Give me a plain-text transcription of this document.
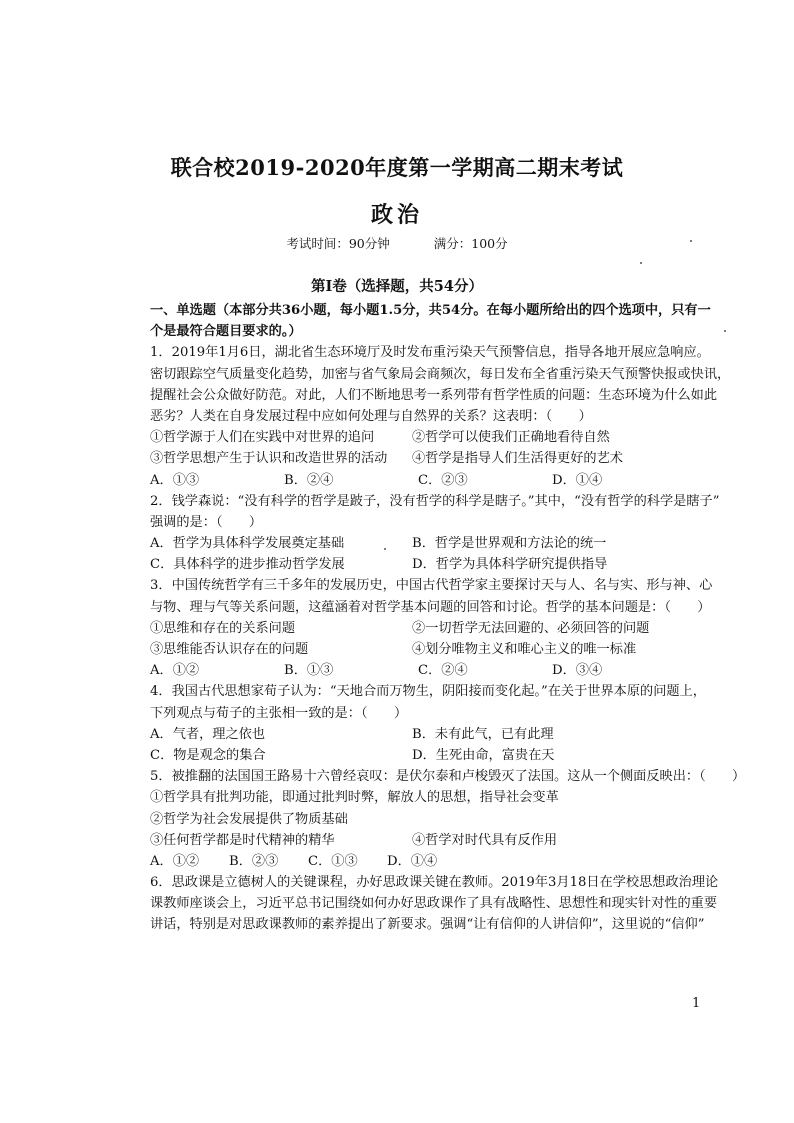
联合校2019-2020年度第一学期高二期末考试
政治
考试时间：90分钟	满分：100分
第Ⅰ卷（选择题，共54分）
一、单选题（本部分共36小题，每小题1.5分，共54分。在每小题所给出的四个选项中，只有一
个是最符合题目要求的。）
1．2019年1月6日，湖北省生态环境厅及时发布重污染天气预警信息，指导各地开展应急响应。
密切跟踪空气质量变化趋势，加密与省气象局会商频次，每日发布全省重污染天气预警快报或快讯，
提醒社会公众做好防范。对此，人们不断地思考一系列带有哲学性质的问题：生态环境为什么如此
恶劣？人类在自身发展过程中应如何处理与自然界的关系？这表明：（　　）
①哲学源于人们在实践中对世界的追问	②哲学可以使我们正确地看待自然
③哲学思想产生于认识和改造世界的活动	④哲学是指导人们生活得更好的艺术
A．①③	B．②④	C．②③	D．①④
2．钱学森说：“没有科学的哲学是跛子，没有哲学的科学是瞎子。”其中，“没有哲学的科学是瞎子”
强调的是：（　　）
A．哲学为具体科学发展奠定基础	B．哲学是世界观和方法论的统一
C．具体科学的进步推动哲学发展	D．哲学为具体科学研究提供指导
3．中国传统哲学有三千多年的发展历史，中国古代哲学家主要探讨天与人、名与实、形与神、心
与物、理与气等关系问题，这蕴涵着对哲学基本问题的回答和讨论。哲学的基本问题是：（　　）
①思维和存在的关系问题	②一切哲学无法回避的、必须回答的问题
③思维能否认识存在的问题	④划分唯物主义和唯心主义的唯一标准
A．①②	B．①③	C．②④	D．③④
4．我国古代思想家荀子认为：“天地合而万物生，阴阳接而变化起。”在关于世界本原的问题上，
下列观点与荀子的主张相一致的是：（　　）
A．气者，理之依也	B．未有此气，已有此理
C．物是观念的集合	D．生死由命，富贵在天
5．被推翻的法国国王路易十六曾经哀叹：是伏尔泰和卢梭毁灭了法国。这从一个侧面反映出：（　　）
①哲学具有批判功能，即通过批判时弊，解放人的思想，指导社会变革
②哲学为社会发展提供了物质基础
③任何哲学都是时代精神的精华	④哲学对时代具有反作用
A．①②	B．②③	C．①③	D．①④
6．思政课是立德树人的关键课程，办好思政课关键在教师。2019年3月18日在学校思想政治理论
课教师座谈会上，习近平总书记围绕如何办好思政课作了具有战略性、思想性和现实针对性的重要
讲话，特别是对思政课教师的素养提出了新要求。强调“让有信仰的人讲信仰”，这里说的“信仰”
1
